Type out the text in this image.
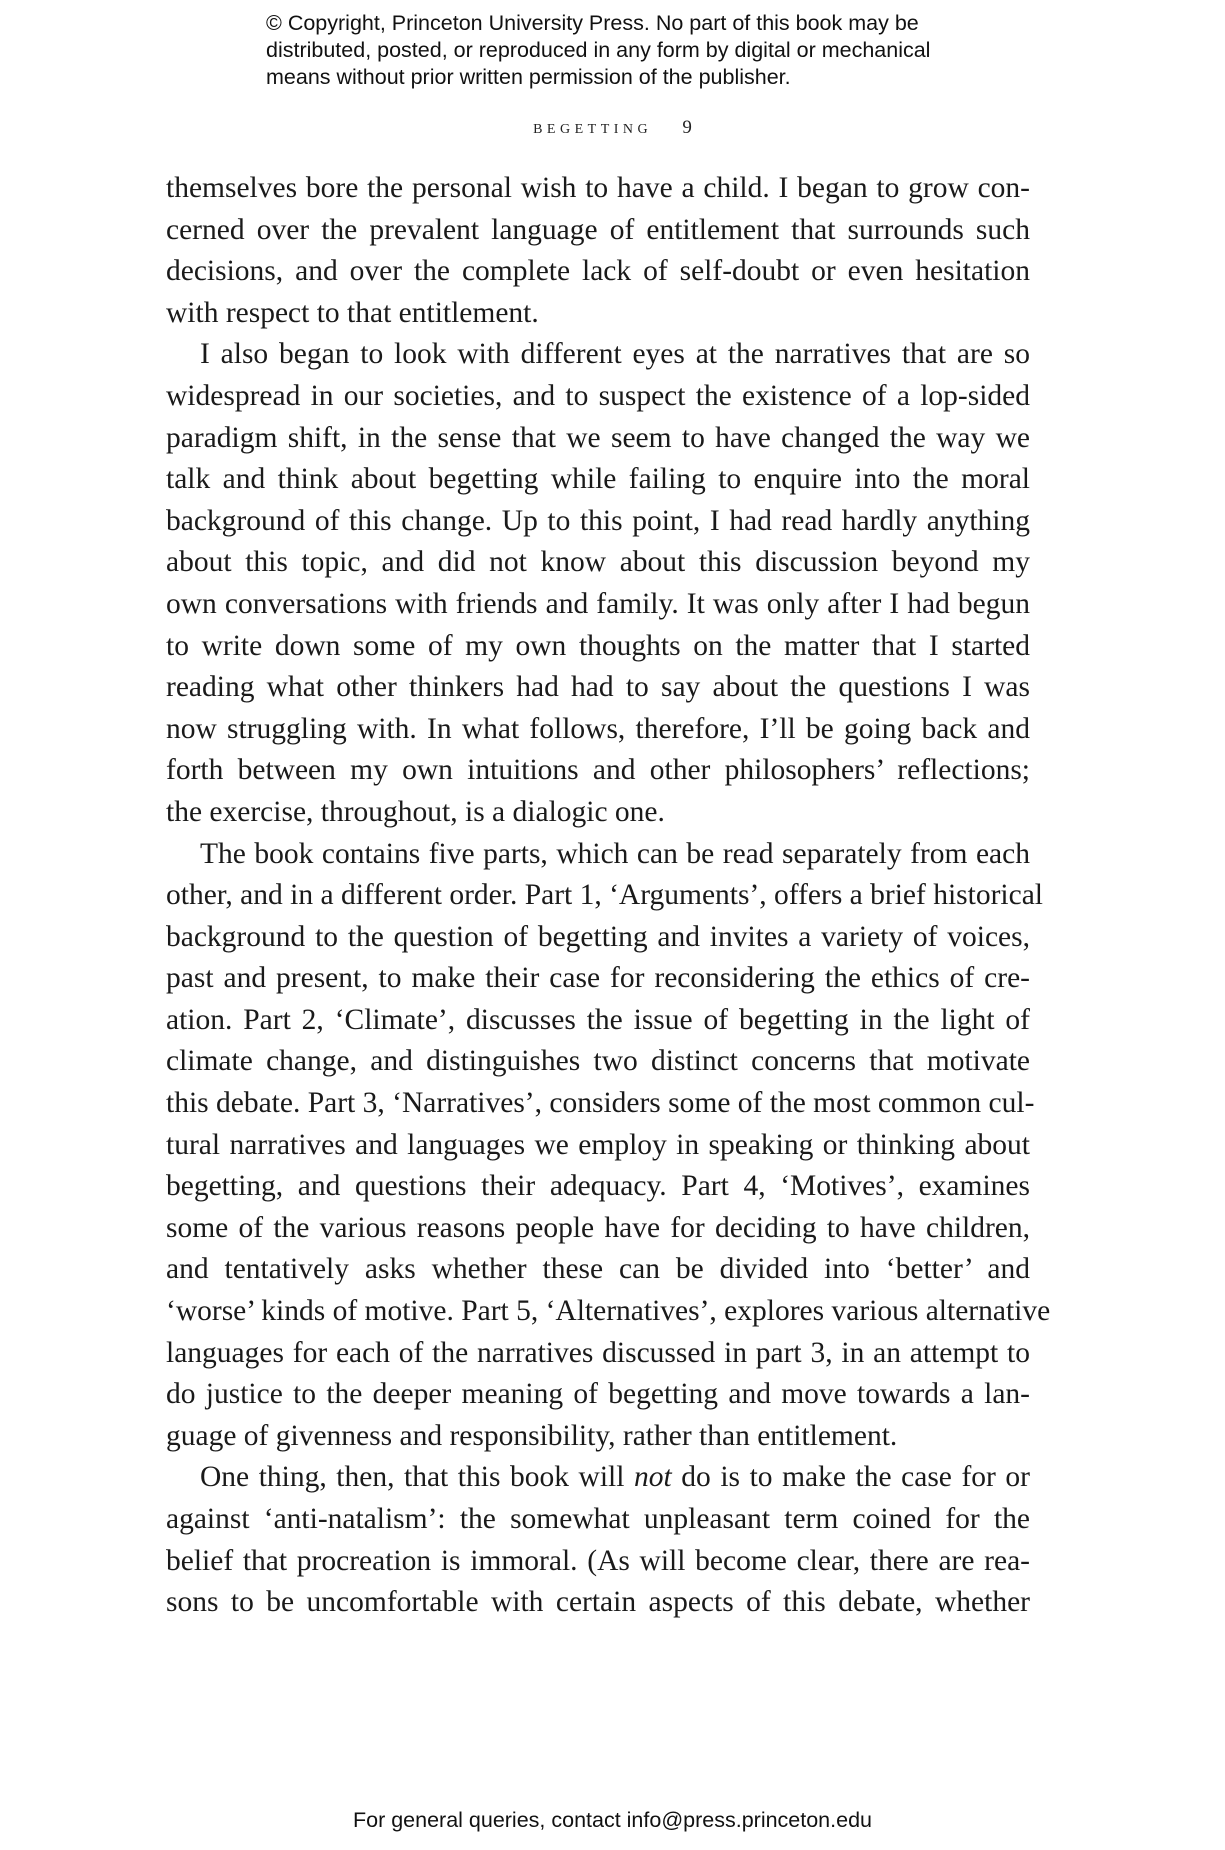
© Copyright, Princeton University Press. No part of this book may be
distributed, posted, or reproduced in any form by digital or mechanical
means without prior written permission of the publisher.
begetting 9

themselves bore the personal wish to have a child. I began to grow con-
cerned over the prevalent language of entitlement that surrounds such
decisions, and over the complete lack of self-doubt or even hesitation
with respect to that entitlement.

I also began to look with different eyes at the narratives that are so
widespread in our societies, and to suspect the existence of a lop-sided
paradigm shift, in the sense that we seem to have changed the way we
talk and think about begetting while failing to enquire into the moral
background of this change. Up to this point, I had read hardly anything
about this topic, and did not know about this discussion beyond my
own conversations with friends and family. It was only after I had begun
to write down some of my own thoughts on the matter that I started
reading what other thinkers had had to say about the questions I was
now struggling with. In what follows, therefore, I’ll be going back and
forth between my own intuitions and other philosophers’ reflections;
the exercise, throughout, is a dialogic one.

The book contains five parts, which can be read separately from each
other, and in a different order. Part 1, ‘Arguments’, offers a brief historical
background to the question of begetting and invites a variety of voices,
past and present, to make their case for reconsidering the ethics of cre-
ation. Part 2, ‘Climate’, discusses the issue of begetting in the light of
climate change, and distinguishes two distinct concerns that motivate
this debate. Part 3, ‘Narratives’, considers some of the most common cul-
tural narratives and languages we employ in speaking or thinking about
begetting, and questions their adequacy. Part 4, ‘Motives’, examines
some of the various reasons people have for deciding to have children,
and tentatively asks whether these can be divided into ‘better’ and
‘worse’ kinds of motive. Part 5, ‘Alternatives’, explores various alternative
languages for each of the narratives discussed in part 3, in an attempt to
do justice to the deeper meaning of begetting and move towards a lan-
guage of givenness and responsibility, rather than entitlement.

One thing, then, that this book will not do is to make the case for or
against ‘anti-natalism’: the somewhat unpleasant term coined for the
belief that procreation is immoral. (As will become clear, there are rea-
sons to be uncomfortable with certain aspects of this debate, whether

For general queries, contact info@press.princeton.edu
